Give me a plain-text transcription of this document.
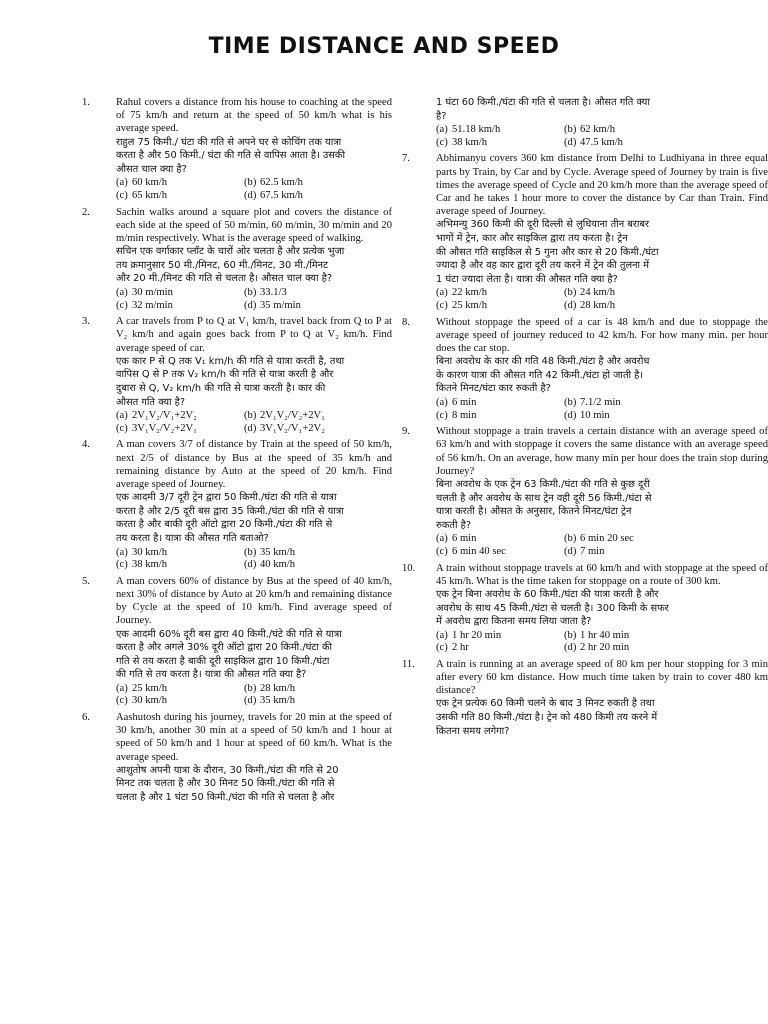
TIME DISTANCE AND SPEED
1.	Rahul covers a distance from his house to coaching at the speed of 75 km/h and return at the speed of 50 km/h what is his average speed.
राहुल 75 किमी./ घंटा की गति से अपने घर से कोचिंग तक यात्रा
करता है और 50 किमी./ घंटा की गति से वापिस आता है। उसकी
औसत चाल क्या है?
(a) 60 km/h	(b) 62.5 km/h
(c) 65 km/h	(d) 67.5 km/h
2.	Sachin walks around a square plot and covers the distance of each side at the speed of 50 m/min, 60 m/min, 30 m/min and 20 m/min respectively. What is the average speed of walking.
सचिन एक वर्गाकार प्लॉट के चारों ओर चलता है और प्रत्येक भुजा
तय क्रमानुसार 50 मी./मिनट, 60 मी./मिनट, 30 मी./मिनट
और 20 मी./मिनट की गति से चलता है। औसत चाल क्या है?
(a) 30 m/min	(b) 33.1/3
(c) 32 m/min	(d) 35 m/min
3.	A car travels from P to Q at V₁ km/h, travel back from Q to P at V₂ km/h and again goes back from P to Q at V₂ km/h. Find average speed of car.
एक कार P से Q तक V₁ km/h की गति से यात्रा करती है, तथा
वापिस Q से P तक V₂ km/h की गति से यात्रा करती है और
दुबारा से Q, V₂ km/h की गति से यात्रा करती है। कार की
औसत गति क्या है?
(a) 2V₁V₂/V₁+2V₂	(b) 2V₁V₂/V₂+2V₁
(c) 3V₁V₂/V₂+2V₁	(d) 3V₁V₂/V₁+2V₂
4.	A man covers 3/7 of distance by Train at the speed of 50 km/h, next 2/5 of distance by Bus at the speed of 35 km/h and remaining distance by Auto at the speed of 20 km/h. Find average speed of Journey.
एक आदमी 3/7 दूरी ट्रेन द्वारा 50 किमी./घंटा की गति से यात्रा
करता है और 2/5 दूरी बस द्वारा 35 किमी./घंटा की गति से यात्रा
करता है और बाकी दूरी ऑटो द्वारा 20 किमी./घंटा की गति से
तय करता है। यात्रा की औसत गति बताओ?
(a) 30 km/h	(b) 35 km/h
(c) 38 km/h	(d) 40 km/h
5.	A man covers 60% of distance by Bus at the speed of 40 km/h, next 30% of distance by Auto at 20 km/h and remaining distance by Cycle at the speed of 10 km/h. Find average speed of Journey.
एक आदमी 60% दूरी बस द्वारा 40 किमी./घंटे की गति से यात्रा
करता है और अगले 30% दूरी ऑटो द्वारा 20 किमी./घंटा की
गति से तय करता है बाकी दूरी साइकिल द्वारा 10 किमी./घंटा
की गति से तय करता है। यात्रा की औसत गति क्या है?
(a) 25 km/h	(b) 28 km/h
(c) 30 km/h	(d) 35 km/h
6.	Aashutosh during his journey, travels for 20 min at the speed of 30 km/h, another 30 min at a speed of 50 km/h and 1 hour at speed of 50 km/h and 1 hour at speed of 60 km/h. What is the average speed.
आशुतोष अपनी यात्रा के दौरान, 30 किमी./घंटा की गति से 20
मिनट तक चलता है और 30 मिनट 50 किमी./घंटा की गति से
चलता है और 1 घंटा 50 किमी./घंटा की गति से चलता है और
1 घंटा 60 किमी./घंटा की गति से चलता है। औसत गति क्या
है?
(a) 51.18 km/h	(b) 62 km/h
(c) 38 km/h	(d) 47.5 km/h
7.	Abhimanyu covers 360 km distance from Delhi to Ludhiyana in three equal parts by Train, by Car and by Cycle. Average speed of Journey by train is five times the average speed of Cycle and 20 km/h more than the average speed of Car and he takes 1 hour more to cover the distance by Car than Train. Find average speed of Journey.
अभिमन्यु 360 किमी की दूरी दिल्ली से लुधियाना तीन बराबर
भागों में ट्रेन, कार और साइकिल द्वारा तय करता है। ट्रेन
की औसत गति साइकिल से 5 गुना और कार से 20 किमी./घंटा
ज्यादा है और वह कार द्वारा दूरी तय करने में ट्रेन की तुलना में
1 घंटा ज्यादा लेता है। यात्रा की औसत गति क्या है?
(a) 22 km/h	(b) 24 km/h
(c) 25 km/h	(d) 28 km/h
8.	Without stoppage the speed of a car is 48 km/h and due to stoppage the average speed of journey reduced to 42 km/h. For how many min. per hour does the car stop.
बिना अवरोध के कार की गति 48 किमी./घंटा है और अवरोध
के कारण यात्रा की औसत गति 42 किमी./घंटा हो जाती है।
कितने मिनट/घंटा कार रुकती है?
(a) 6 min	(b) 7.1/2 min
(c) 8 min	(d) 10 min
9.	Without stoppage a train travels a certain distance with an average speed of 63 km/h and with stoppage it covers the same distance with an average speed of 56 km/h. On an average, how many min per hour does the train stop during Journey?
बिना अवरोध के एक ट्रेन 63 किमी./घंटा की गति से कुछ दूरी
चलती है और अवरोध के साथ ट्रेन वही दूरी 56 किमी./घंटा से
यात्रा करती है। औसत के अनुसार, कितने मिनट/घंटा ट्रेन
रुकती है?
(a) 6 min	(b) 6 min 20 sec
(c) 6 min 40 sec	(d) 7 min
10.	A train without stoppage travels at 60 km/h and with stoppage at the speed of 45 km/h. What is the time taken for stoppage on a route of 300 km.
एक ट्रेन बिना अवरोध के 60 किमी./घंटा की यात्रा करती है और
अवरोध के साथ 45 किमी./घंटा से चलती है। 300 किमी के सफर
में अवरोध द्वारा कितना समय लिया जाता है?
(a) 1 hr 20 min	(b) 1 hr 40 min
(c) 2 hr	(d) 2 hr 20 min
11.	A train is running at an average speed of 80 km per hour stopping for 3 min after every 60 km distance. How much time taken by train to cover 480 km distance?
एक ट्रेन प्रत्येक 60 किमी चलने के बाद 3 मिनट रुकती है तथा
उसकी गति 80 किमी./घंटा है। ट्रेन को 480 किमी तय करने में
कितना समय लगेगा?
